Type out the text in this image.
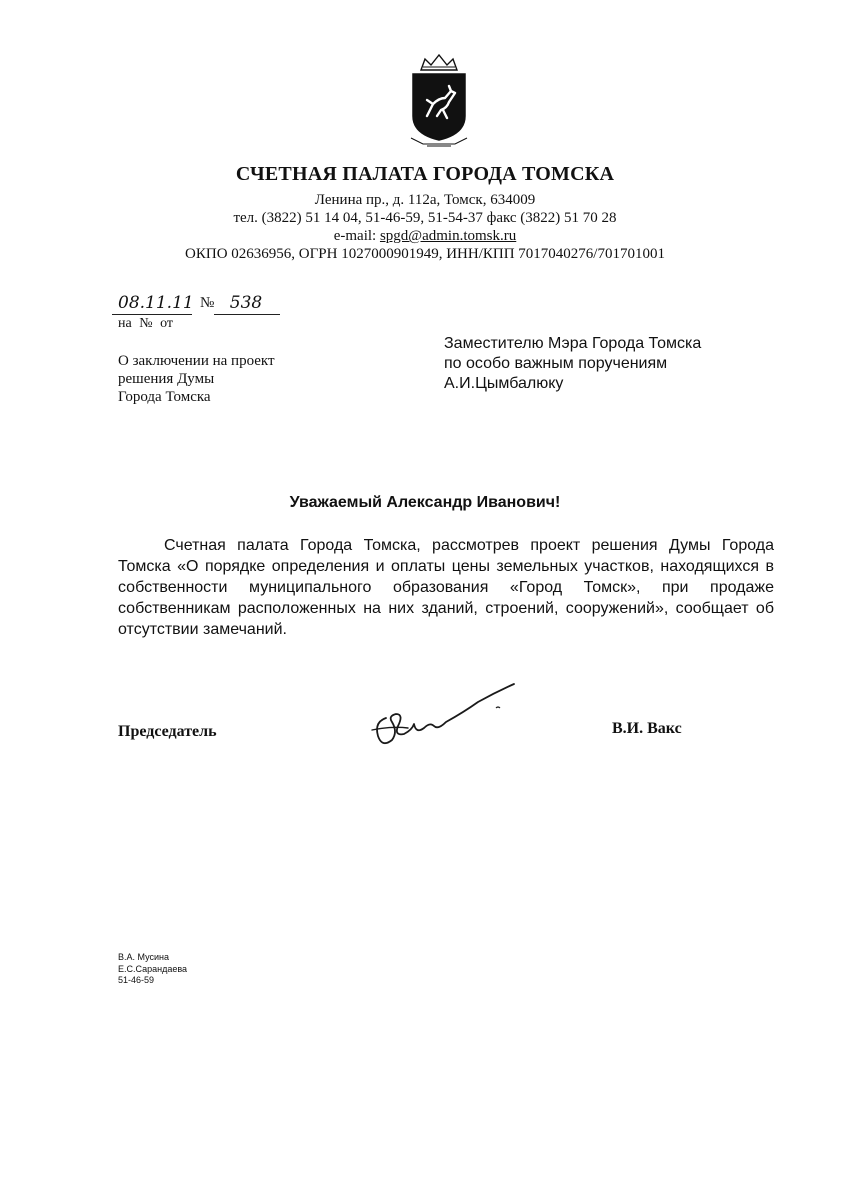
СЧЕТНАЯ ПАЛАТА ГОРОДА ТОМСКА
Ленина пр., д. 112а, Томск, 634009
тел. (3822) 51 14 04, 51-46-59, 51-54-37 факс (3822) 51 70 28
e-mail: spgd@admin.tomsk.ru
ОКПО 02636956, ОГРН 1027000901949, ИНН/КПП 7017040276/701701001
08.11.11 № 538
на № от
О заключении на проект
решения Думы
Города Томска
Заместителю Мэра Города Томска
по особо важным поручениям
А.И.Цымбалюку
Уважаемый Александр Иванович!
Счетная палата Города Томска, рассмотрев проект решения Думы Города Томска «О порядке определения и оплаты цены земельных участков, находящихся в собственности муниципального образования «Город Томск», при продаже собственникам расположенных на них зданий, строений, сооружений», сообщает об отсутствии замечаний.
Председатель	В.И. Вакс
В.А. Мусина
Е.С.Сарандаева
51-46-59
